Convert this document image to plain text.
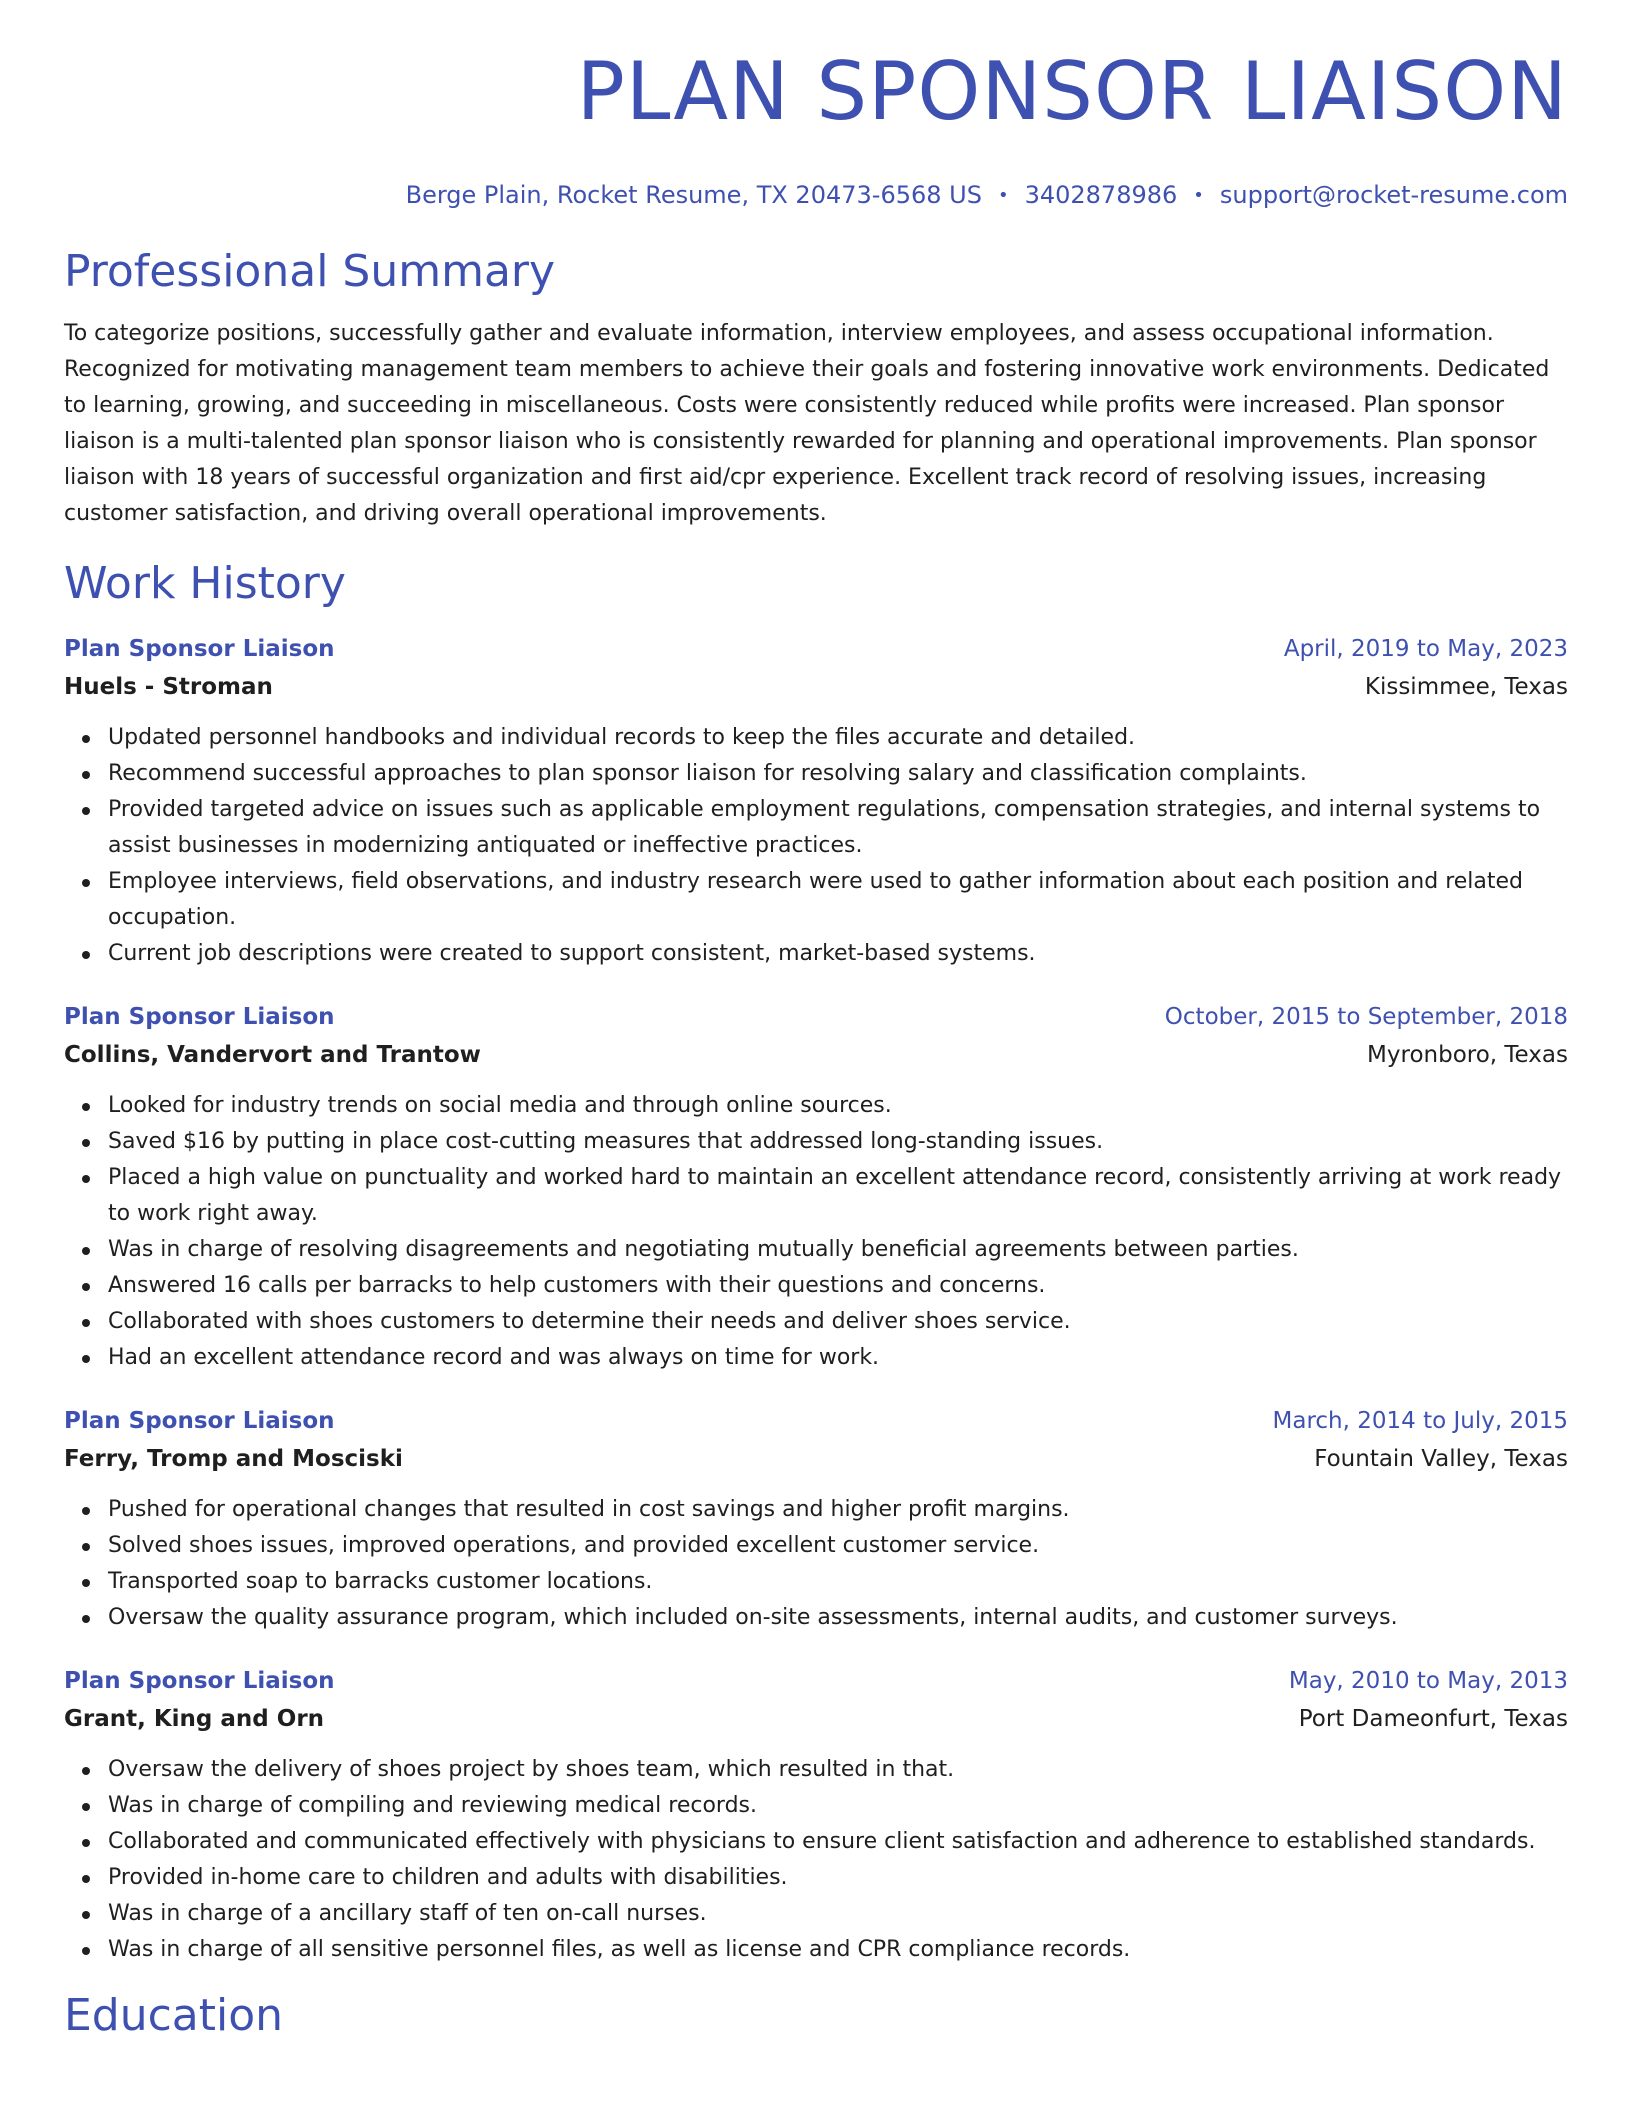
PLAN SPONSOR LIAISON
Berge Plain, Rocket Resume, TX 20473-6568 US • 3402878986 • support@rocket-resume.com
Professional Summary
To categorize positions, successfully gather and evaluate information, interview employees, and assess occupational information. Recognized for motivating management team members to achieve their goals and fostering innovative work environments. Dedicated to learning, growing, and succeeding in miscellaneous. Costs were consistently reduced while profits were increased. Plan sponsor liaison is a multi-talented plan sponsor liaison who is consistently rewarded for planning and operational improvements. Plan sponsor liaison with 18 years of successful organization and first aid/cpr experience. Excellent track record of resolving issues, increasing customer satisfaction, and driving overall operational improvements.
Work History
Plan Sponsor Liaison	April, 2019 to May, 2023
Huels - Stroman	Kissimmee, Texas
Updated personnel handbooks and individual records to keep the files accurate and detailed.
Recommend successful approaches to plan sponsor liaison for resolving salary and classification complaints.
Provided targeted advice on issues such as applicable employment regulations, compensation strategies, and internal systems to assist businesses in modernizing antiquated or ineffective practices.
Employee interviews, field observations, and industry research were used to gather information about each position and related occupation.
Current job descriptions were created to support consistent, market-based systems.
Plan Sponsor Liaison	October, 2015 to September, 2018
Collins, Vandervort and Trantow	Myronboro, Texas
Looked for industry trends on social media and through online sources.
Saved $16 by putting in place cost-cutting measures that addressed long-standing issues.
Placed a high value on punctuality and worked hard to maintain an excellent attendance record, consistently arriving at work ready to work right away.
Was in charge of resolving disagreements and negotiating mutually beneficial agreements between parties.
Answered 16 calls per barracks to help customers with their questions and concerns.
Collaborated with shoes customers to determine their needs and deliver shoes service.
Had an excellent attendance record and was always on time for work.
Plan Sponsor Liaison	March, 2014 to July, 2015
Ferry, Tromp and Mosciski	Fountain Valley, Texas
Pushed for operational changes that resulted in cost savings and higher profit margins.
Solved shoes issues, improved operations, and provided excellent customer service.
Transported soap to barracks customer locations.
Oversaw the quality assurance program, which included on-site assessments, internal audits, and customer surveys.
Plan Sponsor Liaison	May, 2010 to May, 2013
Grant, King and Orn	Port Dameonfurt, Texas
Oversaw the delivery of shoes project by shoes team, which resulted in that.
Was in charge of compiling and reviewing medical records.
Collaborated and communicated effectively with physicians to ensure client satisfaction and adherence to established standards.
Provided in-home care to children and adults with disabilities.
Was in charge of a ancillary staff of ten on-call nurses.
Was in charge of all sensitive personnel files, as well as license and CPR compliance records.
Education
